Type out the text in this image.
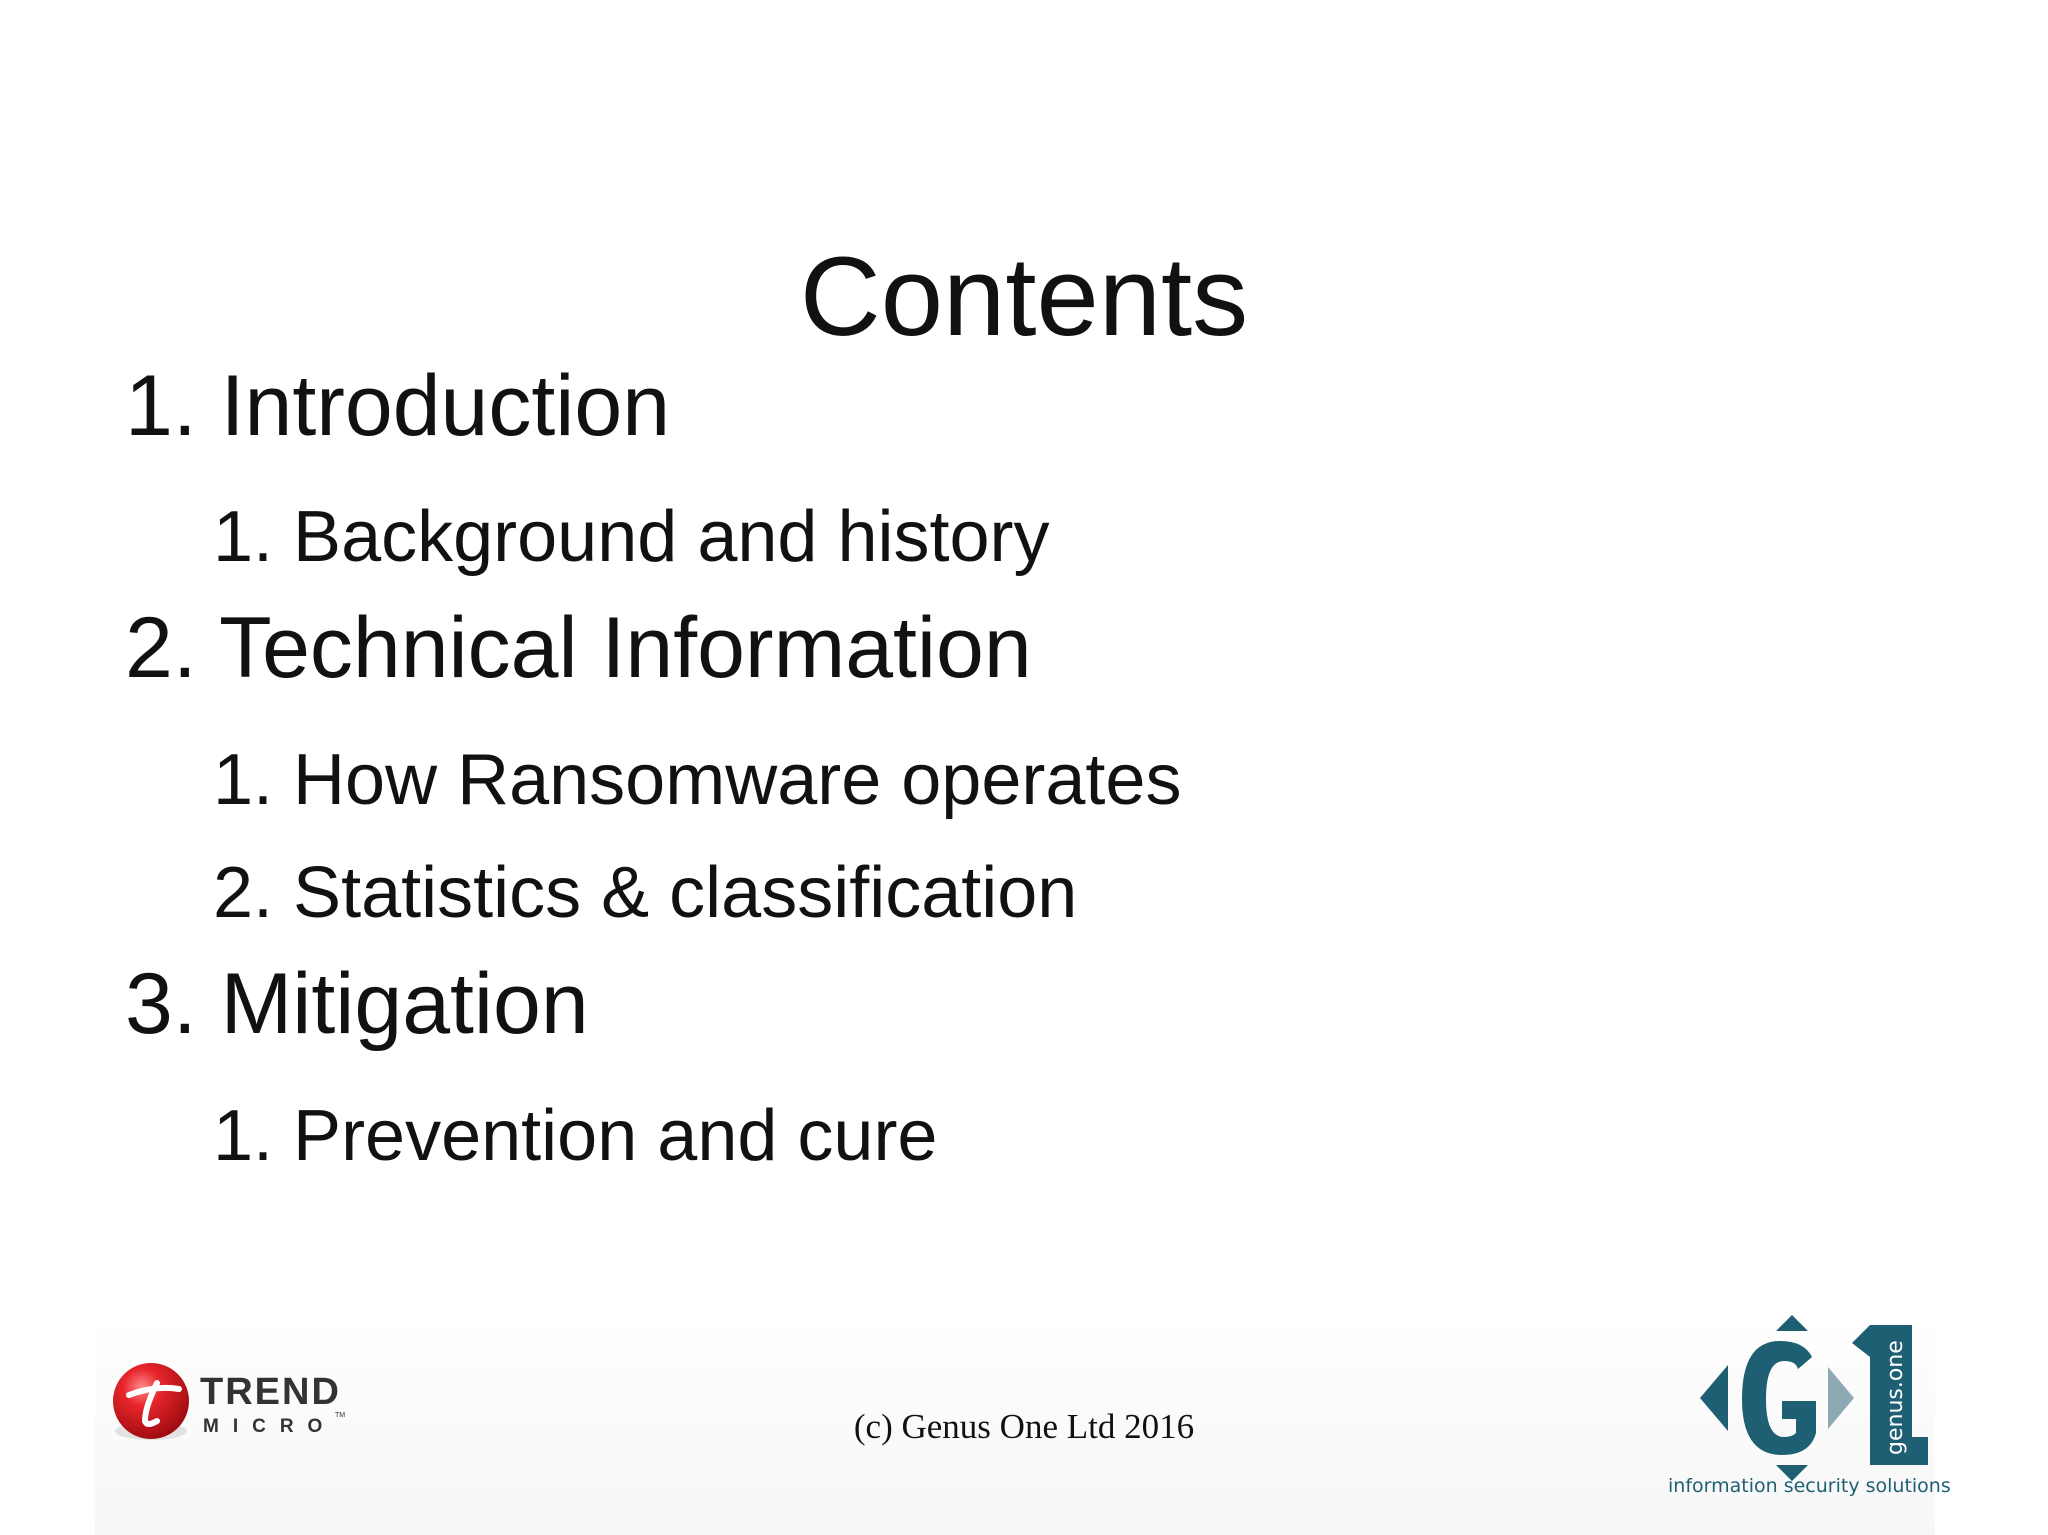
Contents
1. Introduction
1. Background and history
2. Technical Information
1. How Ransomware operates
2. Statistics & classification
3. Mitigation
1. Prevention and cure
TREND
MICRO
TM	(c) Genus One Ltd 2016	genus.one
information security solutions
